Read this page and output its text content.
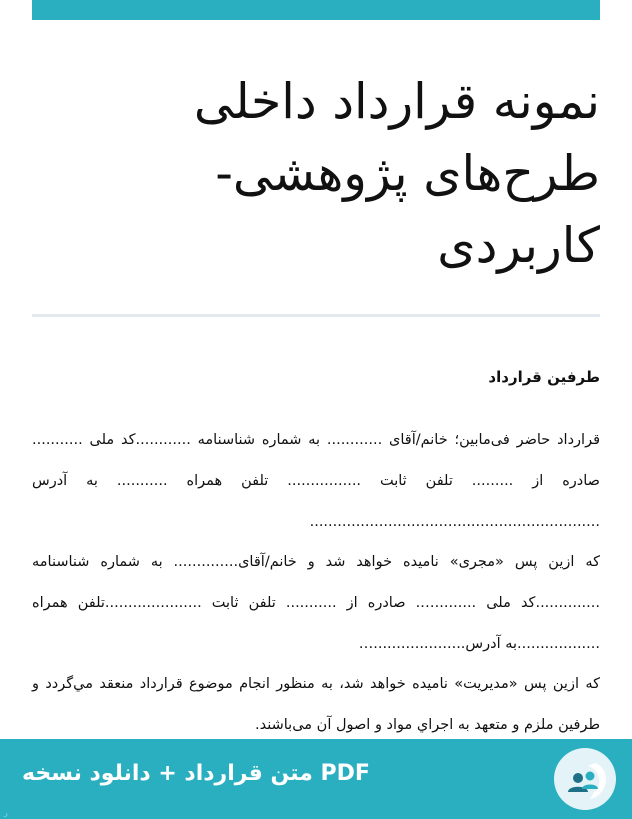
نمونه قرارداد داخلی
طرح‌های پژوهشی-
کاربردی
طرفین قرارداد
قرارداد حاضر فی‌مابین؛ خانم/آقای ............ به شماره شناسنامه ............کد ملی ........... صادره از ......... تلفن ثابت ................ تلفن همراه ........... به آدرس ...............................................................
که ازین پس «مجری» نامیده خواهد شد و خانم/آقای.............. به شماره شناسنامه ..............کد ملی .........…. صادره از ........... تلفن ثابت .....................تلفن همراه ..................به آدرس....................…
که ازین پس «مدیریت» نامیده خواهد شد، به منظور انجام موضوع قرارداد منعقد مي‌گردد و طرفين ملزم و متعهد به اجراي مواد و اصول آن می‌باشند.
متن قرارداد + دانلود نسخه PDF
ر
